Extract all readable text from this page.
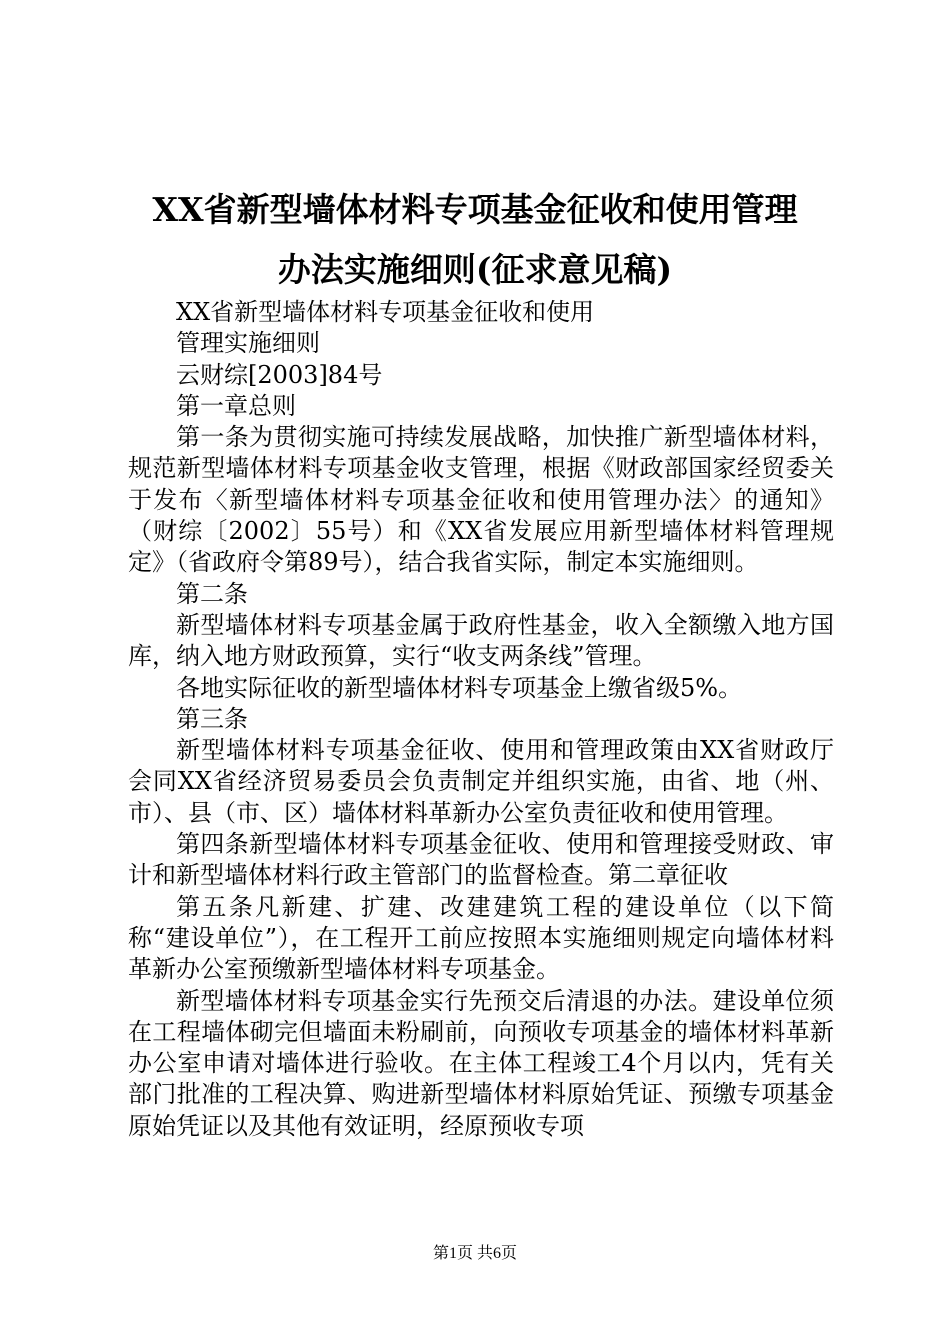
XX省新型墙体材料专项基金征收和使用管理
办法实施细则(征求意见稿)

XX省新型墙体材料专项基金征收和使用

管理实施细则

云财综[2003]84号

第一章总则

第一条为贯彻实施可持续发展战略，加快推广新型墙体材料，规范新型墙体材料专项基金收支管理，根据《财政部国家经贸委关于发布〈新型墙体材料专项基金征收和使用管理办法〉的通知》（财综〔2002〕55号）和《XX省发展应用新型墙体材料管理规定》（省政府令第89号），结合我省实际，制定本实施细则。

第二条

新型墙体材料专项基金属于政府性基金，收入全额缴入地方国库，纳入地方财政预算，实行“收支两条线”管理。

各地实际征收的新型墙体材料专项基金上缴省级5%。

第三条

新型墙体材料专项基金征收、使用和管理政策由XX省财政厅会同XX省经济贸易委员会负责制定并组织实施，由省、地（州、市）、县（市、区）墙体材料革新办公室负责征收和使用管理。

第四条新型墙体材料专项基金征收、使用和管理接受财政、审计和新型墙体材料行政主管部门的监督检查。第二章征收

第五条凡新建、扩建、改建建筑工程的建设单位（以下简称“建设单位”），在工程开工前应按照本实施细则规定向墙体材料革新办公室预缴新型墙体材料专项基金。

新型墙体材料专项基金实行先预交后清退的办法。建设单位须在工程墙体砌完但墙面未粉刷前，向预收专项基金的墙体材料革新办公室申请对墙体进行验收。在主体工程竣工4个月以内，凭有关部门批准的工程决算、购进新型墙体材料原始凭证、预缴专项基金原始凭证以及其他有效证明，经原预收专项

第1页 共6页
